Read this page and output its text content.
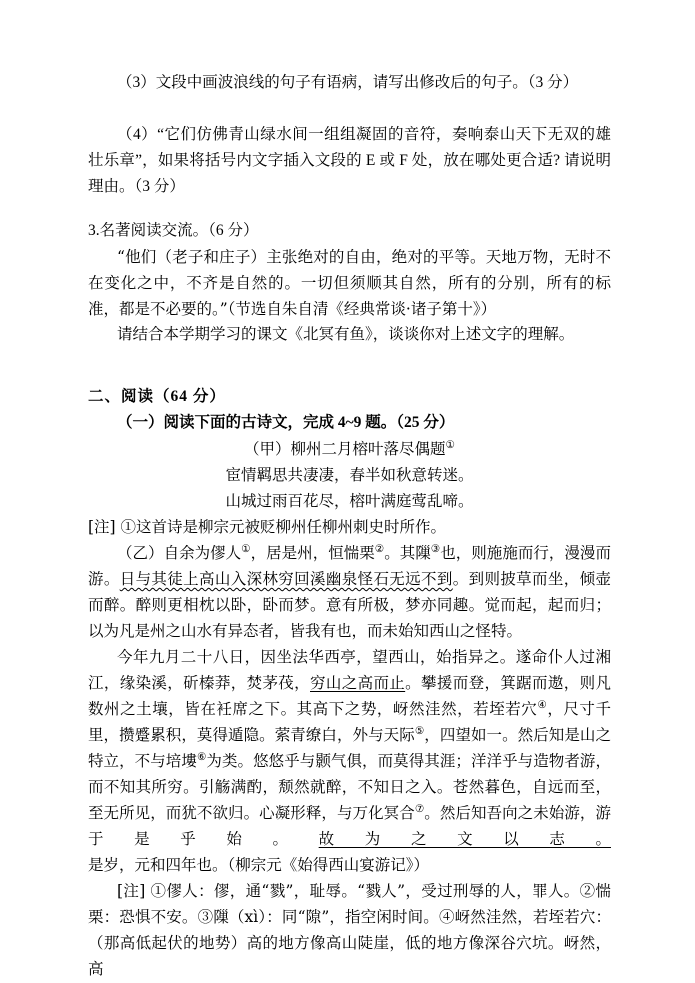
（3）文段中画波浪线的句子有语病，请写出修改后的句子。（3 分）

（4）“它们仿佛青山绿水间一组组凝固的音符，奏响泰山天下无双的雄壮乐章”，如果将括号内文字插入文段的 E 或 F 处，放在哪处更合适? 请说明理由。（3 分）

3.名著阅读交流。（6 分）

“他们（老子和庄子）主张绝对的自由，绝对的平等。天地万物，无时不在变化之中，不齐是自然的。一切但须顺其自然，所有的分别，所有的标准，都是不必要的。”（节选自朱自清《经典常谈·诸子第十》）

请结合本学期学习的课文《北冥有鱼》，谈谈你对上述文字的理解。

二、阅读（64 分）

（一）阅读下面的古诗文，完成 4~9 题。（25 分）

（甲）柳州二月榕叶落尽偶题①

宦情羁思共凄凄，春半如秋意转迷。

山城过雨百花尽，榕叶满庭莺乱啼。

[注] ①这首诗是柳宗元被贬柳州任柳州刺史时所作。

（乙）自余为僇人①，居是州，恒惴栗②。其隟③也，则施施而行，漫漫而游。日与其徒上高山入深林穷回溪幽泉怪石无远不到。到则披草而坐，倾壶而醉。醉则更相枕以卧，卧而梦。意有所极，梦亦同趣。觉而起，起而归；以为凡是州之山水有异态者，皆我有也，而未始知西山之怪特。

今年九月二十八日，因坐法华西亭，望西山，始指异之。遂命仆人过湘江，缘染溪，斫榛莽，焚茅茷，穷山之高而止。攀援而登，箕踞而遨，则凡数州之土壤，皆在衽席之下。其高下之势，岈然洼然，若垤若穴④，尺寸千里，攒蹙累积，莫得遁隐。萦青缭白，外与天际⑤，四望如一。然后知是山之特立，不与培塿⑥为类。悠悠乎与颢气俱，而莫得其涯；洋洋乎与造物者游，而不知其所穷。引觞满酌，颓然就醉，不知日之入。苍然暮色，自远而至，至无所见，而犹不欲归。心凝形释，与万化冥合⑦。然后知吾向之未始游，游于是乎始。故为之文以志。是岁，元和四年也。（柳宗元《始得西山宴游记》）

[注] ①僇人：僇，通“戮”，耻辱。“戮人”，受过刑辱的人，罪人。②惴栗：恐惧不安。③隟（xì）：同“隙”，指空闲时间。④岈然洼然，若垤若穴：（那高低起伏的地势）高的地方像高山陡崖，低的地方像深谷穴坑。岈然，高
